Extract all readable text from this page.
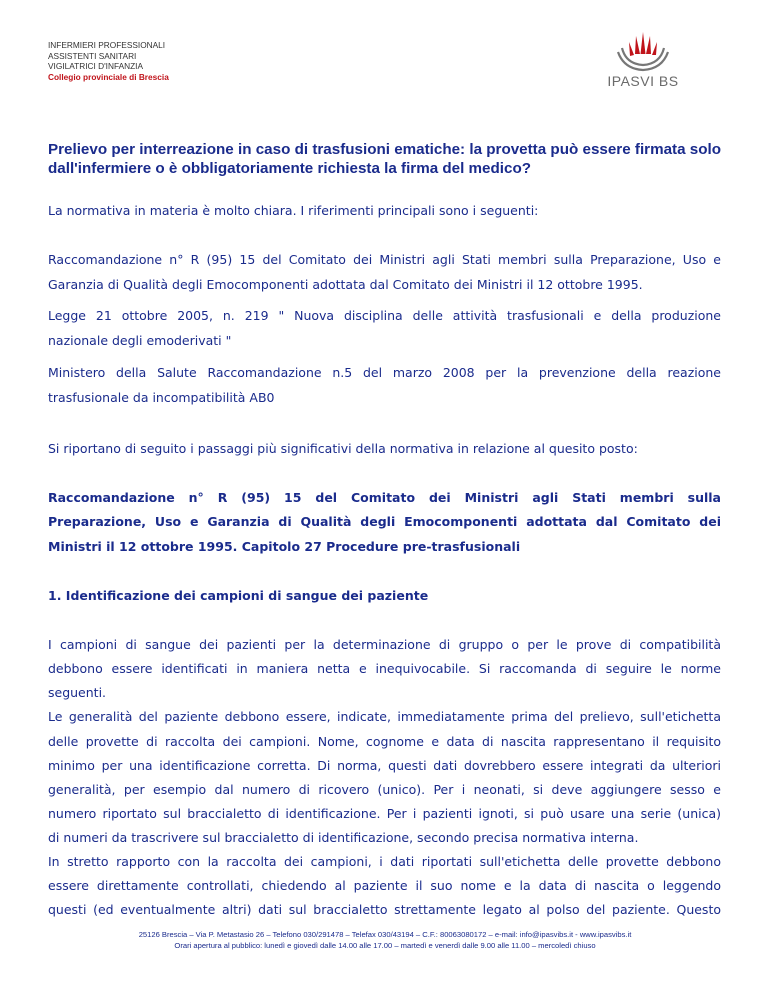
INFERMIERI PROFESSIONALI
ASSISTENTI SANITARI
VIGILATRICI D'INFANZIA
Collegio provinciale di Brescia	IPASVI BS
Prelievo per interreazione in caso di trasfusioni ematiche: la provetta può essere firmata solo dall'infermiere o è obbligatoriamente richiesta la firma del medico?

La normativa in materia è molto chiara. I riferimenti principali sono i seguenti:

Raccomandazione n° R (95) 15 del Comitato dei Ministri agli Stati membri sulla Preparazione, Uso e

Garanzia di Qualità degli Emocomponenti adottata dal Comitato dei Ministri il 12 ottobre 1995.

Legge 21 ottobre 2005, n. 219 " Nuova disciplina delle attività trasfusionali e della produzione

nazionale degli emoderivati "

Ministero della Salute Raccomandazione n.5 del marzo 2008 per la prevenzione della reazione

trasfusionale da incompatibilità AB0

Si riportano di seguito i passaggi più significativi della normativa in relazione al quesito posto:

Raccomandazione n° R (95) 15 del Comitato dei Ministri agli Stati membri sulla

Preparazione, Uso e Garanzia di Qualità degli Emocomponenti adottata dal Comitato dei

Ministri il 12 ottobre 1995. Capitolo 27 Procedure pre-trasfusionali

1. Identificazione dei campioni di sangue dei paziente

I campioni di sangue dei pazienti per la determinazione di gruppo o per le prove di compatibilità

debbono essere identificati in maniera netta e inequivocabile. Si raccomanda di seguire le norme

seguenti.

Le generalità del paziente debbono essere, indicate, immediatamente prima del prelievo, sull'etichetta

delle provette di raccolta dei campioni. Nome, cognome e data di nascita rappresentano il requisito

minimo per una identificazione corretta. Di norma, questi dati dovrebbero essere integrati da ulteriori

generalità, per esempio dal numero di ricovero (unico). Per i neonati, si deve aggiungere sesso e

numero riportato sul braccialetto di identificazione. Per i pazienti ignoti, si può usare una serie (unica)

di numeri da trascrivere sul braccialetto di identificazione, secondo precisa normativa interna.

In stretto rapporto con la raccolta dei campioni, i dati riportati sull'etichetta delle provette debbono

essere direttamente controllati, chiedendo al paziente il suo nome e la data di nascita o leggendo

questi (ed eventualmente altri) dati sul braccialetto strettamente legato al polso del paziente. Questo

25126 Brescia – Via P. Metastasio 26 – Telefono 030/291478 – Telefax 030/43194 – C.F.: 80063080172 – e-mail: info@ipasvibs.it - www.ipasvibs.it
Orari apertura al pubblico: lunedì e giovedì dalle 14.00 alle 17.00 – martedì e venerdì dalle 9.00 alle 11.00 – mercoledì chiuso
